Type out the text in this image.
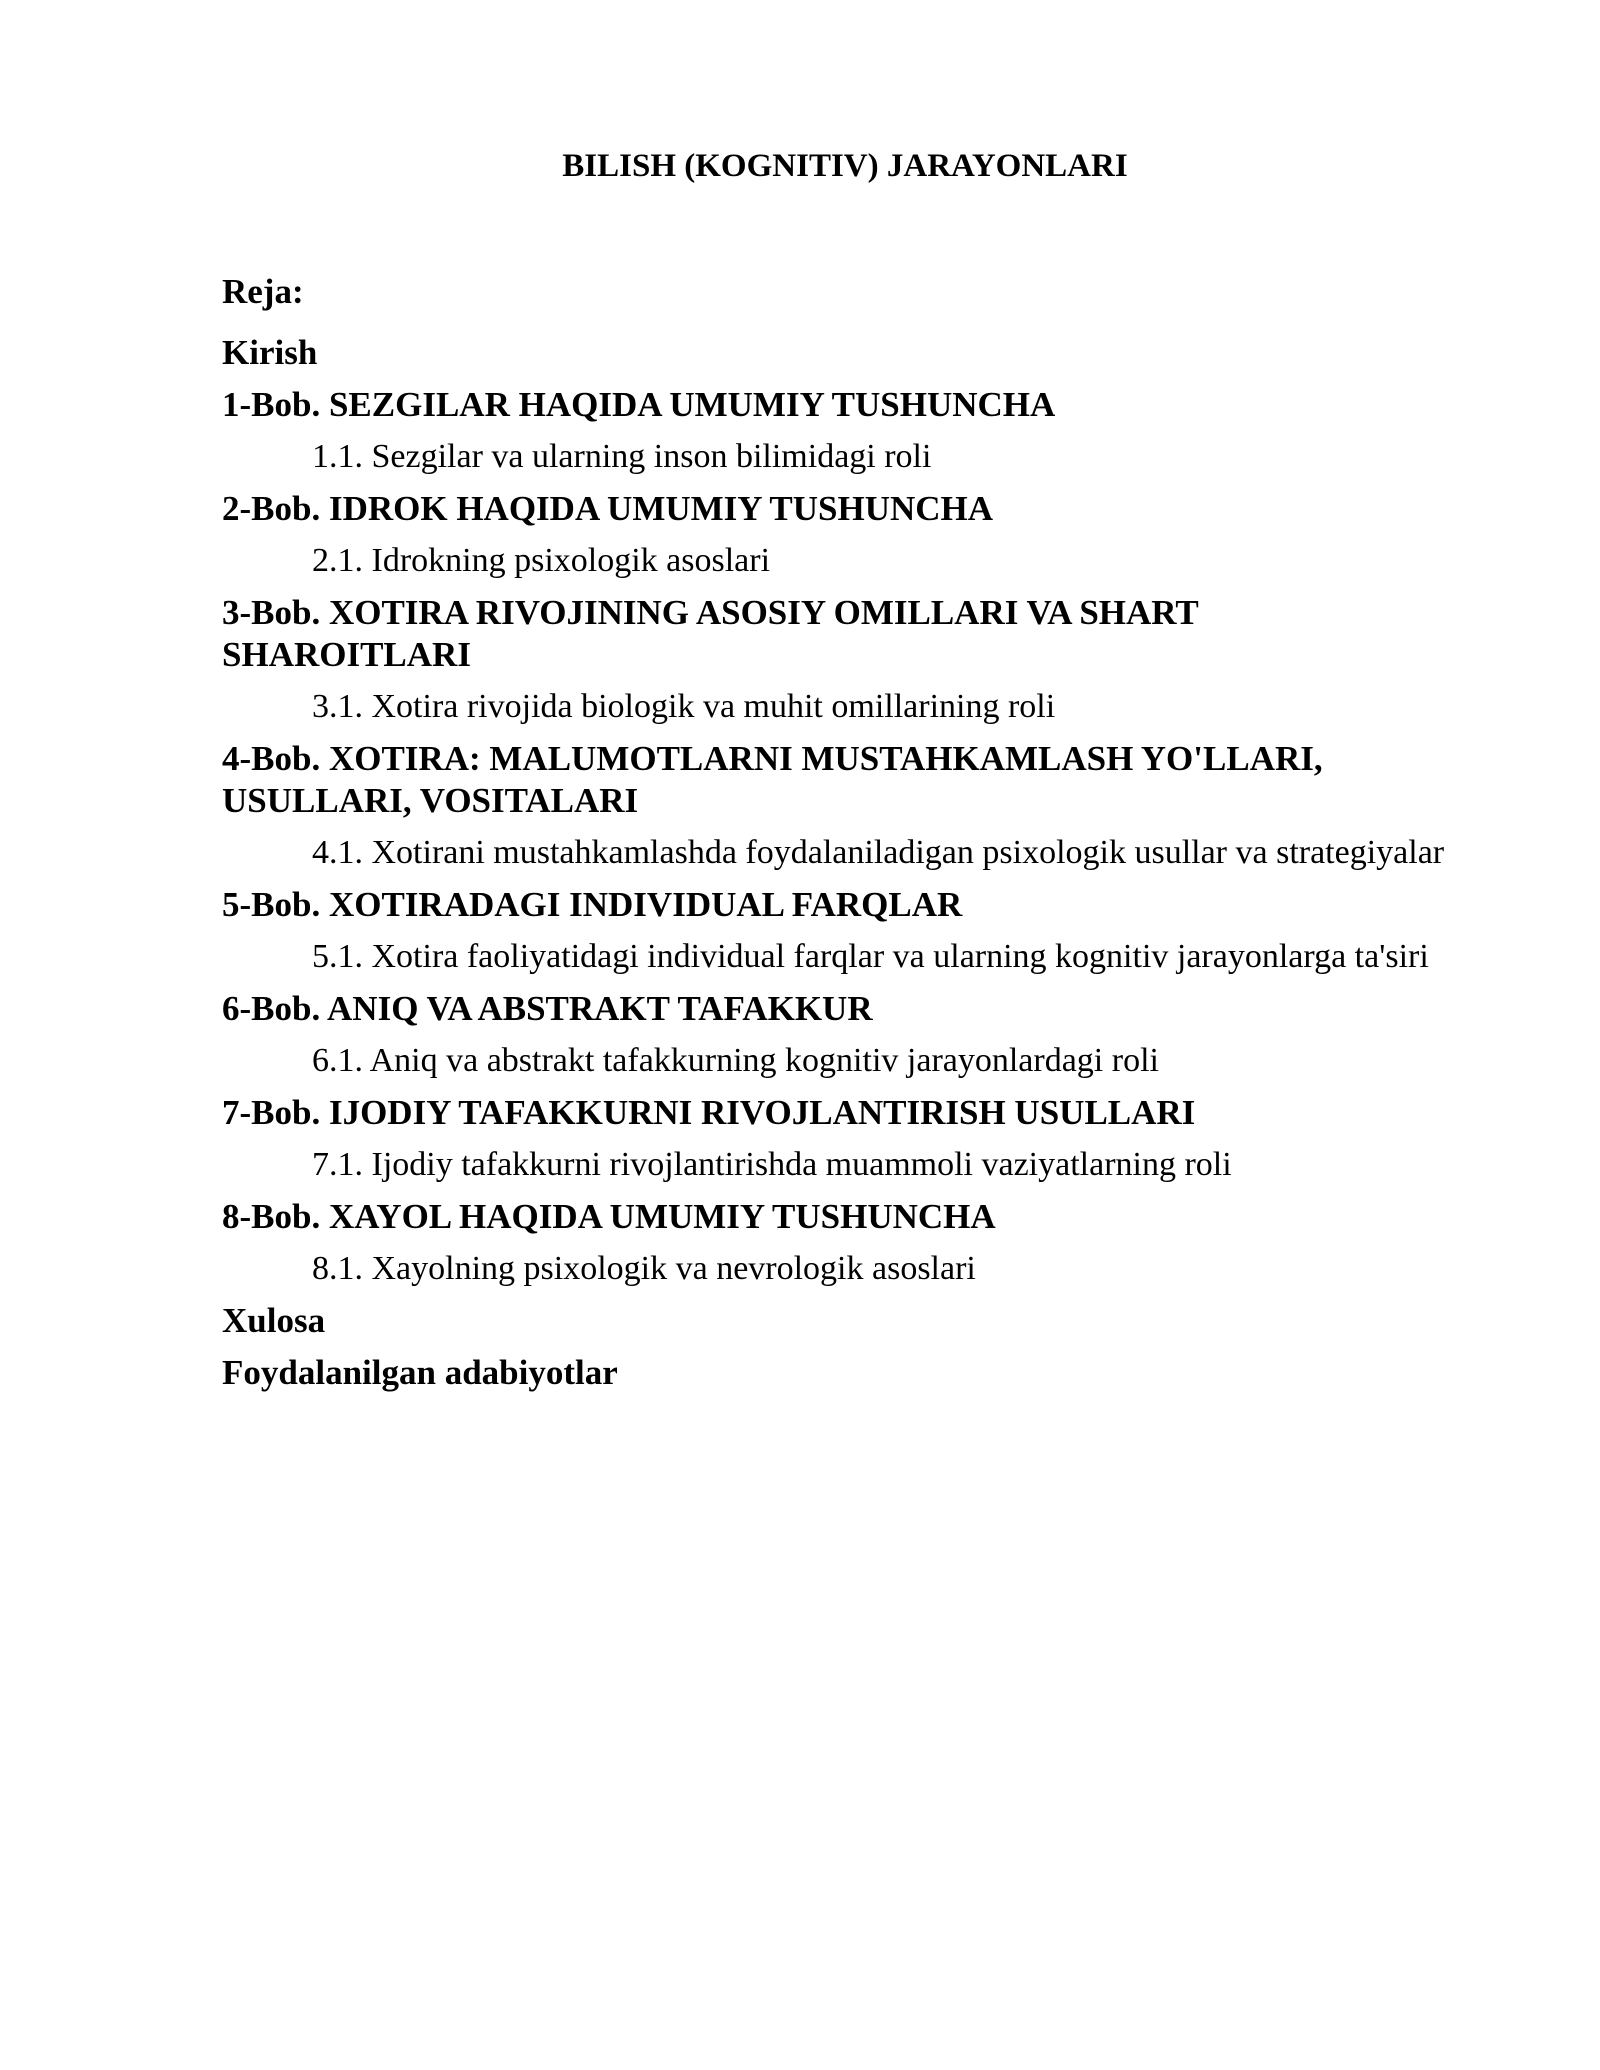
BILISH (KOGNITIV) JARAYONLARI
Reja:
Kirish
1-Bob. SEZGILAR HAQIDA UMUMIY TUSHUNCHA
1.1. Sezgilar va ularning inson bilimidagi roli
2-Bob. IDROK HAQIDA UMUMIY TUSHUNCHA
2.1. Idrokning psixologik asoslari
3-Bob. XOTIRA RIVOJINING ASOSIY OMILLARI VA SHART SHAROITLARI
3.1. Xotira rivojida biologik va muhit omillarining roli
4-Bob. XOTIRA: MALUMOTLARNI MUSTAHKAMLASH YO'LLARI, USULLARI, VOSITALARI
4.1. Xotirani mustahkamlashda foydalaniladigan psixologik usullar va strategiyalar
5-Bob. XOTIRADAGI INDIVIDUAL FARQLAR
5.1. Xotira faoliyatidagi individual farqlar va ularning kognitiv jarayonlarga ta'siri
6-Bob. ANIQ VA ABSTRAKT TAFAKKUR
6.1. Aniq va abstrakt tafakkurning kognitiv jarayonlardagi roli
7-Bob. IJODIY TAFAKKURNI RIVOJLANTIRISH USULLARI
7.1. Ijodiy tafakkurni rivojlantirishda muammoli vaziyatlarning roli
8-Bob. XAYOL HAQIDA UMUMIY TUSHUNCHA
8.1. Xayolning psixologik va nevrologik asoslari
Xulosa
Foydalanilgan adabiyotlar
